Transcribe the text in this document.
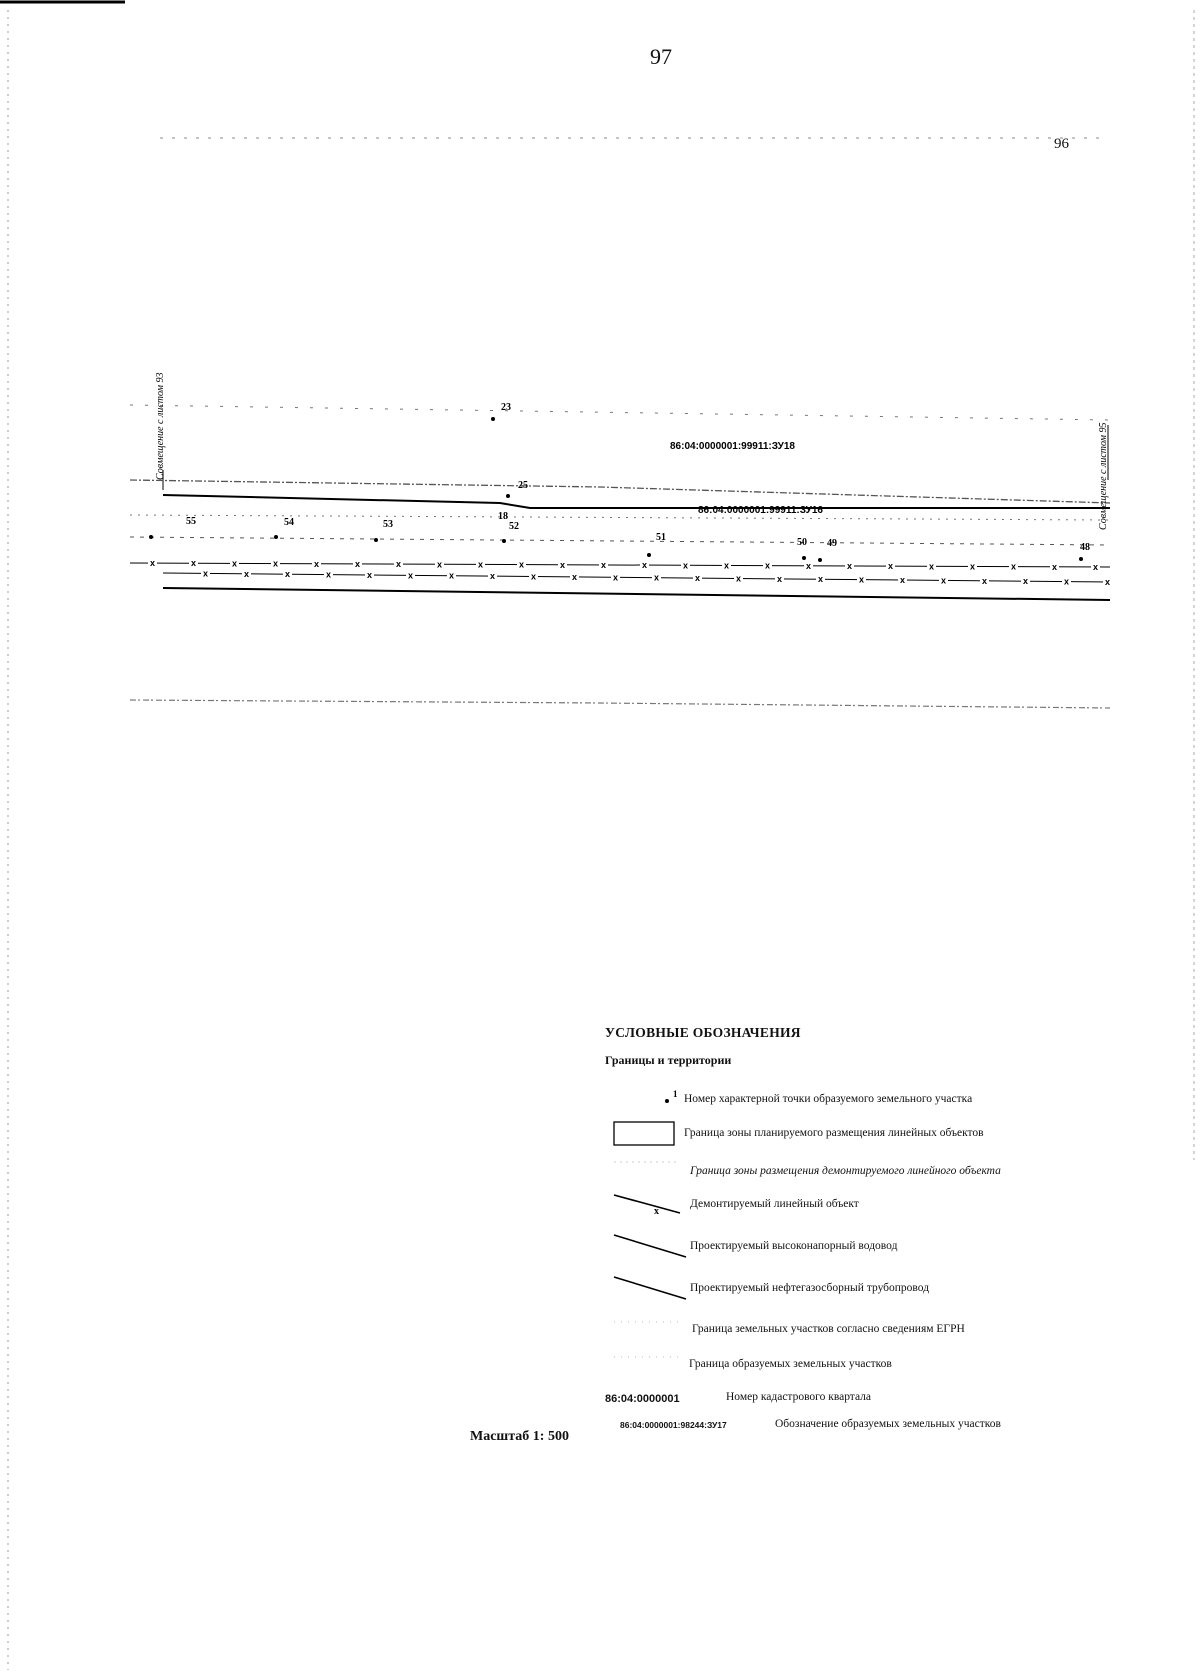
97
96
x	x	x	x	x	x	x	x	x	x	x	x	x	x	x	x	x	x	x	x	x	x	x	x
x	x	x	x	x	x	x	x	x	x	x	x	x	x	x	x	x	x	x	x	x	x	x
23
25
18
55	54	53	52
51	50 49	48
86:04:0000001:99911:ЗУ18
86:04:0000001:99911:ЗУ16
Совмещение с листом 93	Совмещение с листом 95
1
x
УСЛОВНЫЕ ОБОЗНАЧЕНИЯ
Границы и территории
Номер характерной точки образуемого земельного участка
Граница зоны планируемого размещения линейных объектов
Граница зоны размещения демонтируемого линейного объекта
Демонтируемый линейный объект
Проектируемый высоконапорный водовод
Проектируемый нефтегазосборный трубопровод
Граница земельных участков согласно сведениям ЕГРН
Граница образуемых земельных участков
86:04:0000001	Номер кадастрового квартала
86:04:0000001:98244:ЗУ17	Обозначение образуемых земельных участков
Масштаб 1: 500
